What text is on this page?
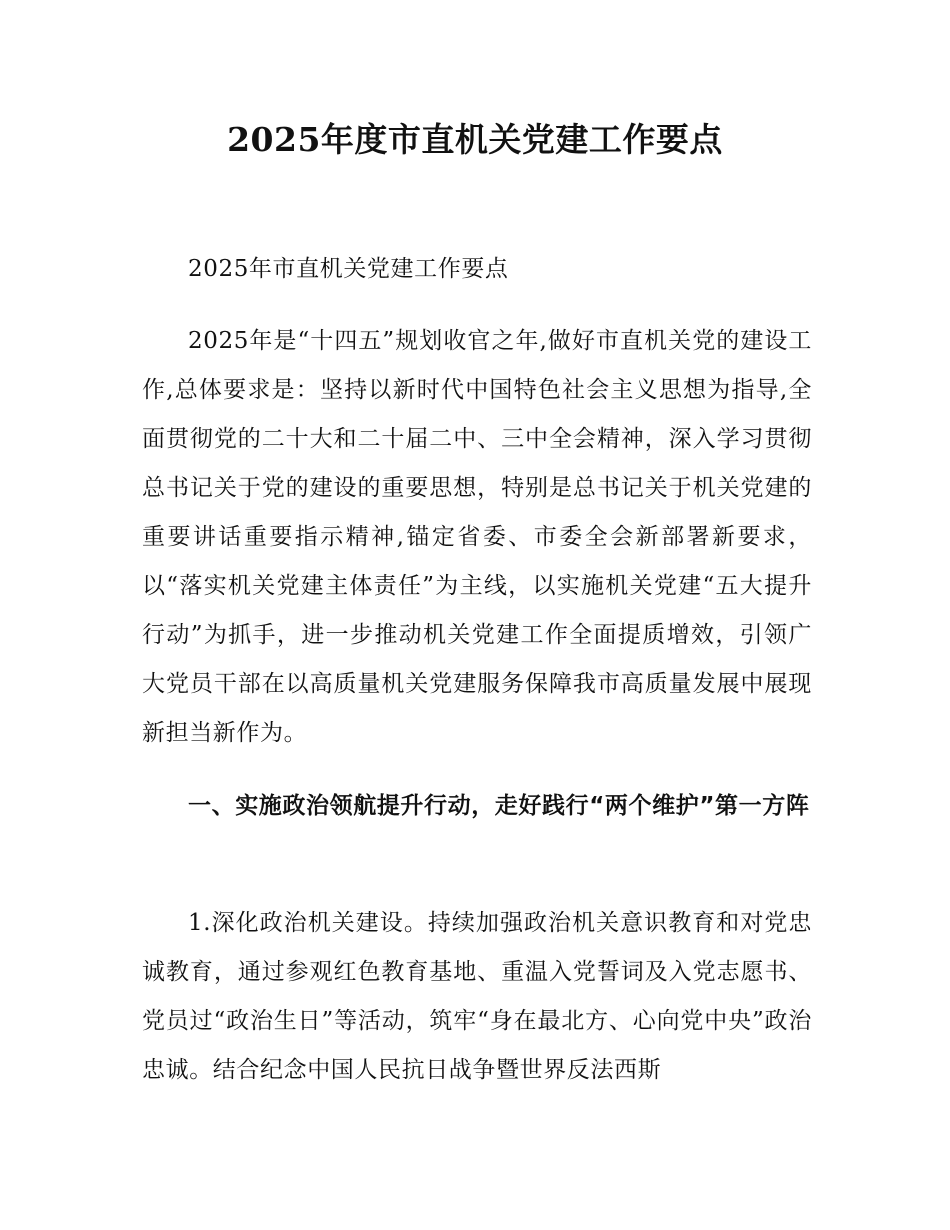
2025年度市直机关党建工作要点

2025年市直机关党建工作要点

2025年是“十四五”规划收官之年,做好市直机关党的建设工作,总体要求是：坚持以新时代中国特色社会主义思想为指导,全面贯彻党的二十大和二十届二中、三中全会精神，深入学习贯彻总书记关于党的建设的重要思想，特别是总书记关于机关党建的重要讲话重要指示精神,锚定省委、市委全会新部署新要求，以“落实机关党建主体责任”为主线，以实施机关党建“五大提升行动”为抓手，进一步推动机关党建工作全面提质增效，引领广大党员干部在以高质量机关党建服务保障我市高质量发展中展现新担当新作为。

一、实施政治领航提升行动，走好践行“两个维护”第一方阵

1.深化政治机关建设。持续加强政治机关意识教育和对党忠诚教育，通过参观红色教育基地、重温入党誓词及入党志愿书、党员过“政治生日”等活动，筑牢“身在最北方、心向党中央”政治忠诚。结合纪念中国人民抗日战争暨世界反法西斯
